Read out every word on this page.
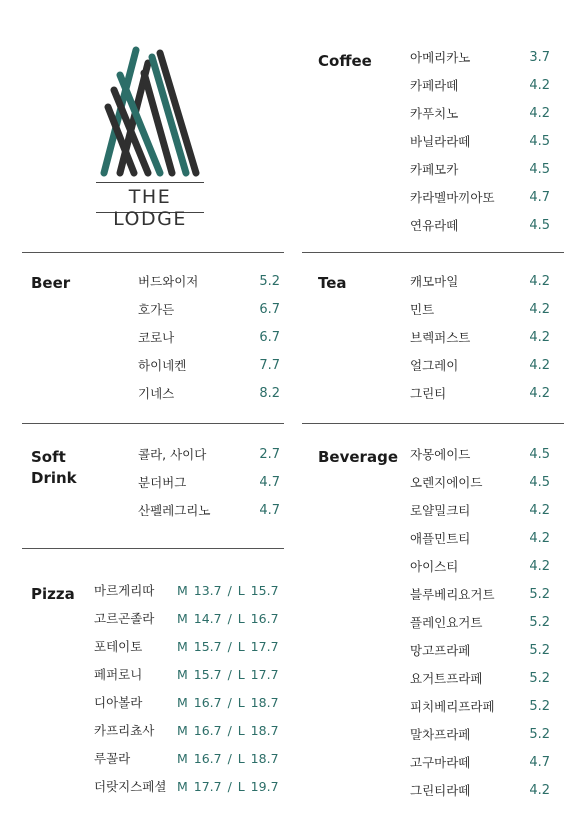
THE LODGE
Beer	버드와이저	5.2
호가든	6.7
코로나	6.7
하이네켄	7.7
기네스	8.2
Soft
Drink
콜라, 사이다	2.7
분더버그	4.7
산펠레그리노	4.7
Pizza 마르게리따 M 13.7 / L 15.7
고르곤졸라 M 14.7 / L 16.7
포테이토	M 15.7 / L 17.7
페퍼로니	M 15.7 / L 17.7
디아볼라	M 16.7 / L 18.7
카프리쵸사 M 16.7 / L 18.7
루꼴라	M 16.7 / L 18.7
더랏지스페셜 M 17.7 / L 19.7
Coffee	아메리카노	3.7
카페라떼	4.2
카푸치노	4.2
바닐라라떼	4.5
카페모카	4.5
카라멜마끼아또	4.7
연유라떼	4.5
Tea	캐모마일	4.2
민트	4.2
브렉퍼스트	4.2
얼그레이	4.2
그린티	4.2
Beverage 자몽에이드	4.5
오렌지에이드	4.5
로얄밀크티	4.2
애플민트티	4.2
아이스티	4.2
블루베리요거트	5.2
플레인요거트	5.2
망고프라페	5.2
요거트프라페	5.2
피치베리프라페	5.2
말차프라페	5.2
고구마라떼	4.7
그린티라떼	4.2
